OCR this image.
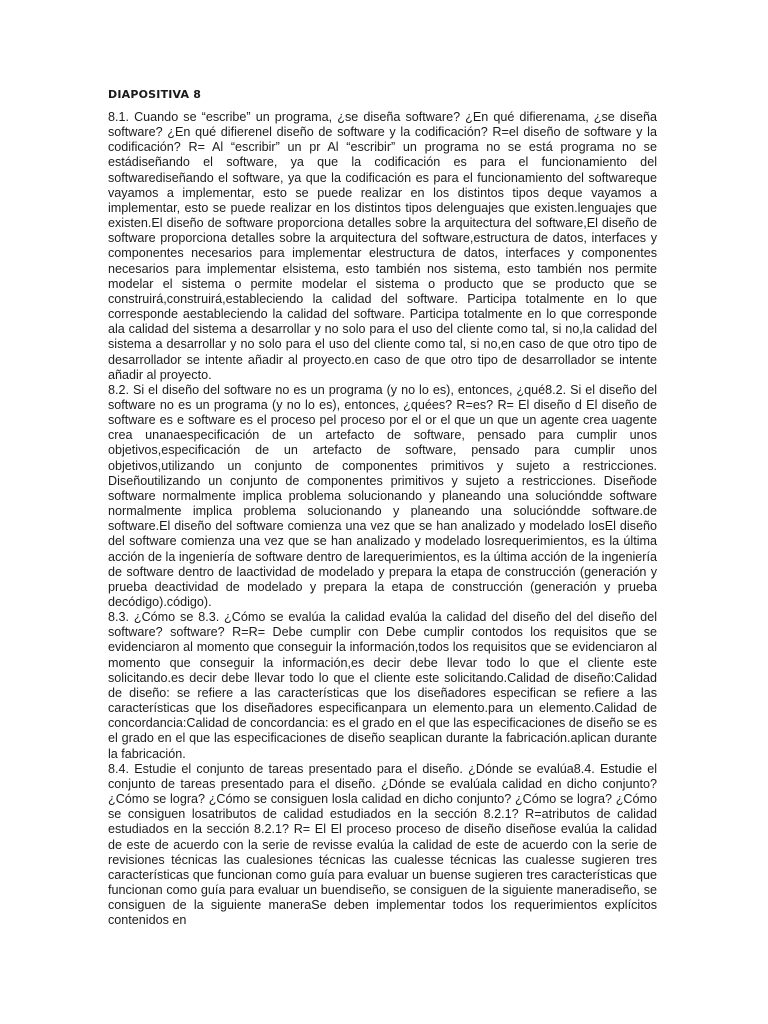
DIAPOSITIVA 8

8.1. Cuando se “escribe” un programa, ¿se diseña software? ¿En qué difierenama, ¿se diseña software? ¿En qué difierenel diseño de software y la codificación? R=el diseño de software y la codificación? R= Al “escribir” un pr Al “escribir” un programa no se está programa no se estádiseñando el software, ya que la codificación es para el funcionamiento del softwarediseñando el software, ya que la codificación es para el funcionamiento del softwareque vayamos a implementar, esto se puede realizar en los distintos tipos deque vayamos a implementar, esto se puede realizar en los distintos tipos delenguajes que existen.lenguajes que existen.El diseño de software proporciona detalles sobre la arquitectura del software,El diseño de software proporciona detalles sobre la arquitectura del software,estructura de datos, interfaces y componentes necesarios para implementar elestructura de datos, interfaces y componentes necesarios para implementar elsistema, esto también nos sistema, esto también nos permite modelar el sistema o permite modelar el sistema o producto que se producto que se construirá,construirá,estableciendo la calidad del software. Participa totalmente en lo que corresponde aestableciendo la calidad del software. Participa totalmente en lo que corresponde ala calidad del sistema a desarrollar y no solo para el uso del cliente como tal, si no,la calidad del sistema a desarrollar y no solo para el uso del cliente como tal, si no,en caso de que otro tipo de desarrollador se intente añadir al proyecto.en caso de que otro tipo de desarrollador se intente añadir al proyecto.

8.2. Si el diseño del software no es un programa (y no lo es), entonces, ¿qué8.2. Si el diseño del software no es un programa (y no lo es), entonces, ¿quées? R=es? R= El diseño d El diseño de software es e software es el proceso pel proceso por el or el que un que un agente crea uagente crea unanaespecificación de un artefacto de software, pensado para cumplir unos objetivos,especificación de un artefacto de software, pensado para cumplir unos objetivos,utilizando un conjunto de componentes primitivos y sujeto a restricciones. Diseñoutilizando un conjunto de componentes primitivos y sujeto a restricciones. Diseñode software normalmente implica problema solucionando y planeando una solucióndde software normalmente implica problema solucionando y planeando una solucióndde software.de software.El diseño del software comienza una vez que se han analizado y modelado losEl diseño del software comienza una vez que se han analizado y modelado losrequerimientos, es la última acción de la ingeniería de software dentro de larequerimientos, es la última acción de la ingeniería de software dentro de laactividad de modelado y prepara la etapa de construcción (generación y prueba deactividad de modelado y prepara la etapa de construcción (generación y prueba decódigo).código).

8.3. ¿Cómo se 8.3. ¿Cómo se evalúa la calidad evalúa la calidad del diseño del del diseño del software? software? R=R= Debe cumplir con Debe cumplir contodos los requisitos que se evidenciaron al momento que conseguir la información,todos los requisitos que se evidenciaron al momento que conseguir la información,es decir debe llevar todo lo que el cliente este solicitando.es decir debe llevar todo lo que el cliente este solicitando.Calidad de diseño:Calidad de diseño: se refiere a las características que los diseñadores especifican se refiere a las características que los diseñadores especificanpara un elemento.para un elemento.Calidad de concordancia:Calidad de concordancia: es el grado en el que las especificaciones de diseño se es el grado en el que las especificaciones de diseño seaplican durante la fabricación.aplican durante la fabricación.

8.4. Estudie el conjunto de tareas presentado para el diseño. ¿Dónde se evalúa8.4. Estudie el conjunto de tareas presentado para el diseño. ¿Dónde se evalúala calidad en dicho conjunto? ¿Cómo se logra? ¿Cómo se consiguen losla calidad en dicho conjunto? ¿Cómo se logra? ¿Cómo se consiguen losatributos de calidad estudiados en la sección 8.2.1? R=atributos de calidad estudiados en la sección 8.2.1? R= El El proceso proceso de diseño diseñose evalúa la calidad de este de acuerdo con la serie de revisse evalúa la calidad de este de acuerdo con la serie de revisiones técnicas las cualesiones técnicas las cualesse técnicas las cualesse sugieren tres características que funcionan como guía para evaluar un buense sugieren tres características que funcionan como guía para evaluar un buendiseño, se consiguen de la siguiente maneradiseño, se consiguen de la siguiente maneraSe deben implementar todos los requerimientos explícitos contenidos en
